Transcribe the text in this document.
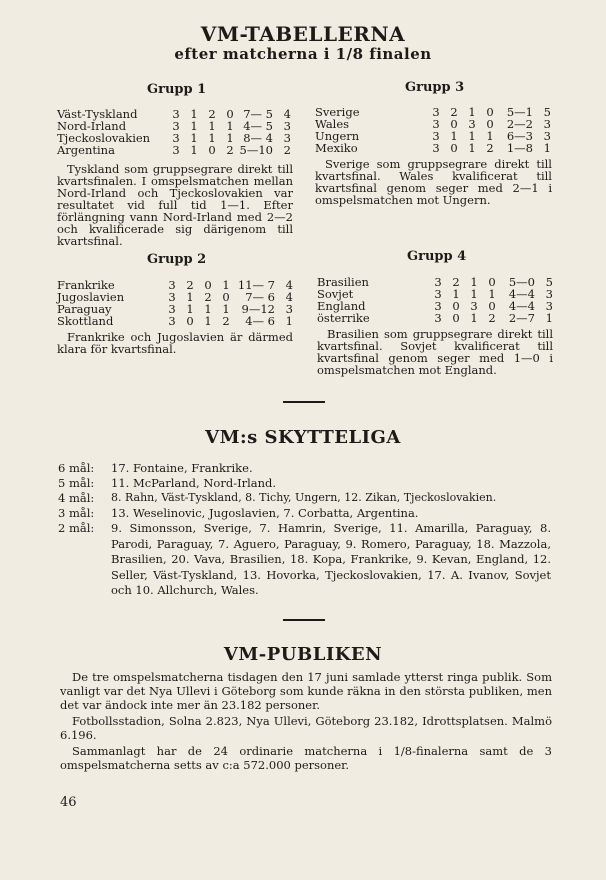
VM-TABELLERNA
efter matcherna i 1/8 finalen
Grupp 1
Väst-Tyskland	3	1	2	0	7— 5	4
Nord-Irland	3	1	1	1	4— 5	3
Tjeckoslovakien	3	1	1	1	8— 4	3
Argentina	3	1	0	2	5—10	2

Tyskland som gruppsegrare direkt till kvartsfinalen. I omspelsmatchen mellan Nord-Irland och Tjeckoslovakien var resultatet vid full tid 1—1. Efter förlängning vann Nord-Irland med 2—2 och kvalificerade sig därigenom till kvartsfinal.

Grupp 3
Sverige	3	2	1	0	5—1	5
Wales	3	0	3	0	2—2	3
Ungern	3	1	1	1	6—3	3
Mexiko	3	0	1	2	1—8	1

Sverige som gruppsegrare direkt till kvartsfinal. Wales kvalificerat till kvartsfinal genom seger med 2—1 i omspelsmatchen mot Ungern.

Grupp 2
Frankrike	3	2	0	1	11— 7	4
Jugoslavien	3	1	2	0	7— 6	4
Paraguay	3	1	1	1	9—12	3
Skottland	3	0	1	2	4— 6	1

Frankrike och Jugoslavien är därmed klara för kvartsfinal.

Grupp 4
Brasilien	3	2	1	0	5—0	5
Sovjet	3	1	1	1	4—4	3
England	3	0	3	0	4—4	3
österrike	3	0	1	2	2—7	1

Brasilien som gruppsegrare direkt till kvartsfinal. Sovjet kvalificerat till kvartsfinal genom seger med 1—0 i omspelsmatchen mot England.

VM:s SKYTTELIGA
6 mål:	17. Fontaine, Frankrike.
5 mål:	11. McParland, Nord-Irland.
4 mål:	8. Rahn, Väst-Tyskland, 8. Tichy, Ungern, 12. Zikan, Tjeckoslovakien.
3 mål:	13. Weselinovic, Jugoslavien, 7. Corbatta, Argentina.
2 mål:	9. Simonsson, Sverige, 7. Hamrin, Sverige, 11. Amarilla, Paraguay, 8. Parodi, Paraguay, 7. Aguero, Paraguay, 9. Romero, Paraguay, 18. Mazzola, Brasilien, 20. Vava, Brasilien, 18. Kopa, Frankrike, 9. Kevan, England, 12. Seller, Väst-Tyskland, 13. Hovorka, Tjeckoslovakien, 17. A. Ivanov, Sovjet och 10. Allchurch, Wales.
VM-PUBLIKEN

De tre omspelsmatcherna tisdagen den 17 juni samlade ytterst ringa publik. Som vanligt var det Nya Ullevi i Göteborg som kunde räkna in den största publiken, men det var ändock inte mer än 23.182 personer.

Fotbollsstadion, Solna 2.823, Nya Ullevi, Göteborg 23.182, Idrottsplatsen. Malmö 6.196.

Sammanlagt har de 24 ordinarie matcherna i 1/8-finalerna samt de 3 omspelsmatcherna setts av c:a 572.000 personer.

46
